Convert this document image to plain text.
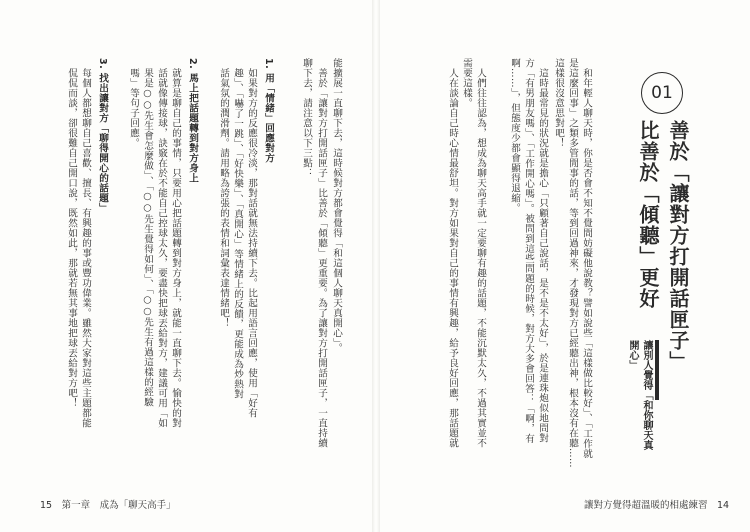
01
善於「讓對方打開話匣子」
比善於「傾聽」更好
讓別人覺得「和你聊天真
開心」
和年輕人聊天時，你是否會不知不覺間妨礙他說教？譬如說些「這樣做比較好」、「工作就
是這麼回事」之類多管閒事的話，等到回過神來，才發現對方已經聽出神，根本沒有在聽……
這樣很沒意思對吧！
這時最常見的狀況就是擔心「只顧著自己說話，是不是不太好」，於是連珠炮似地問對
方「有男朋友嗎」、「工作開心嗎」。被問到這些問題的時候，對方大多會回答：「啊，有
啊……」，但態度少都會顯得退縮。
人們往往認為，想成為聊天高手就一定要聊有趣的話題，不能沉默太久，不過其實並不
需要這樣。
人在談論自己時心情最舒坦。對方如果對自己的事情有興趣，給予良好回應，那話題就
讓對方覺得超溫暖的相處練習　14
能擴展一直聊下去，這時候對方都會覺得「和這個人聊天真開心」。
善於「讓對方打開話匣子」比善於「傾聽」更重要。為了讓對方打開話匣子，一直持續
聊下去，請注意以下三點：
1. 用「情緒」回應對方
如果對方的反應很冷淡，那對話就無法持續下去。比起用語言回應，使用「好有
趣」、「嚇了一跳」、「好快樂」、「真開心」等情緒上的反饋，更能成為炒熱對
話氣氛的潤滑劑。請用略為誇張的表情和詞彙表達情緒吧！
2. 馬上把話題轉到對方身上
就算是聊自己的事情，只要用心把話題轉到對方身上，就能一直聊下去。愉快的對
話就像傳接球，訣竅在於不能自己控球太久，要盡快把球丟給對方，建議可用「如
果是○○先生會怎麼做」、「○○先生覺得如何」、「○○先生有過這樣的經驗
嗎」等句子回應。
3. 找出讓對方「聊得開心的話題」
每個人都想聊自己喜歡、擅長、有興趣的事或豐功偉業。雖然大家對這些主題都能
侃侃而談，卻很難自己開口說，既然如此，那就若無其事地把球丟給對方吧！
15　第一章　成為「聊天高手」
